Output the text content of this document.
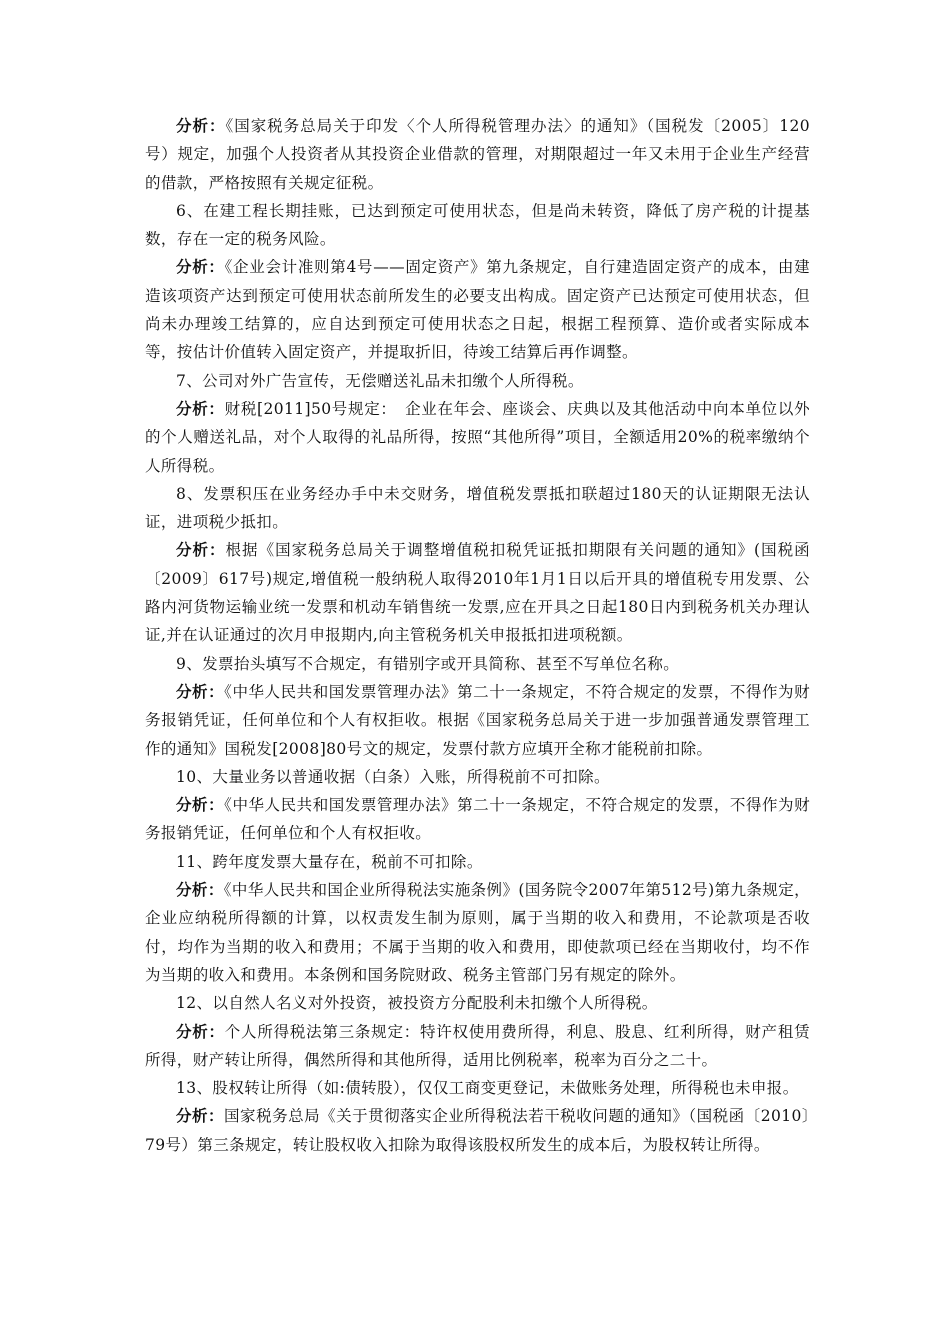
分析：《国家税务总局关于印发〈个人所得税管理办法〉的通知》（国税发〔2005〕120号）规定，加强个人投资者从其投资企业借款的管理，对期限超过一年又未用于企业生产经营的借款，严格按照有关规定征税。

6、在建工程长期挂账，已达到预定可使用状态，但是尚未转资，降低了房产税的计提基数，存在一定的税务风险。

分析：《企业会计准则第4号——固定资产》第九条规定，自行建造固定资产的成本，由建造该项资产达到预定可使用状态前所发生的必要支出构成。固定资产已达预定可使用状态，但尚未办理竣工结算的，应自达到预定可使用状态之日起，根据工程预算、造价或者实际成本等，按估计价值转入固定资产，并提取折旧，待竣工结算后再作调整。

7、公司对外广告宣传，无偿赠送礼品未扣缴个人所得税。

分析：财税[2011]50号规定：　企业在年会、座谈会、庆典以及其他活动中向本单位以外的个人赠送礼品，对个人取得的礼品所得，按照“其他所得”项目，全额适用20%的税率缴纳个人所得税。

8、发票积压在业务经办手中未交财务，增值税发票抵扣联超过180天的认证期限无法认证，进项税少抵扣。

分析：根据《国家税务总局关于调整增值税扣税凭证抵扣期限有关问题的通知》(国税函〔2009〕617号)规定,增值税一般纳税人取得2010年1月1日以后开具的增值税专用发票、公路内河货物运输业统一发票和机动车销售统一发票,应在开具之日起180日内到税务机关办理认证,并在认证通过的次月申报期内,向主管税务机关申报抵扣进项税额。

9、发票抬头填写不合规定，有错别字或开具简称、甚至不写单位名称。

分析：《中华人民共和国发票管理办法》第二十一条规定，不符合规定的发票，不得作为财务报销凭证，任何单位和个人有权拒收。根据《国家税务总局关于进一步加强普通发票管理工作的通知》国税发[2008]80号文的规定，发票付款方应填开全称才能税前扣除。

10、大量业务以普通收据（白条）入账，所得税前不可扣除。

分析：《中华人民共和国发票管理办法》第二十一条规定，不符合规定的发票，不得作为财务报销凭证，任何单位和个人有权拒收。

11、跨年度发票大量存在，税前不可扣除。

分析：《中华人民共和国企业所得税法实施条例》(国务院令2007年第512号)第九条规定，企业应纳税所得额的计算，以权责发生制为原则，属于当期的收入和费用，不论款项是否收付，均作为当期的收入和费用；不属于当期的收入和费用，即使款项已经在当期收付，均不作为当期的收入和费用。本条例和国务院财政、税务主管部门另有规定的除外。

12、以自然人名义对外投资，被投资方分配股利未扣缴个人所得税。

分析：个人所得税法第三条规定：特许权使用费所得，利息、股息、红利所得，财产租赁所得，财产转让所得，偶然所得和其他所得，适用比例税率，税率为百分之二十。

13、股权转让所得（如:债转股），仅仅工商变更登记，未做账务处理，所得税也未申报。

分析：国家税务总局《关于贯彻落实企业所得税法若干税收问题的通知》（国税函〔2010〕79号）第三条规定，转让股权收入扣除为取得该股权所发生的成本后，为股权转让所得。
